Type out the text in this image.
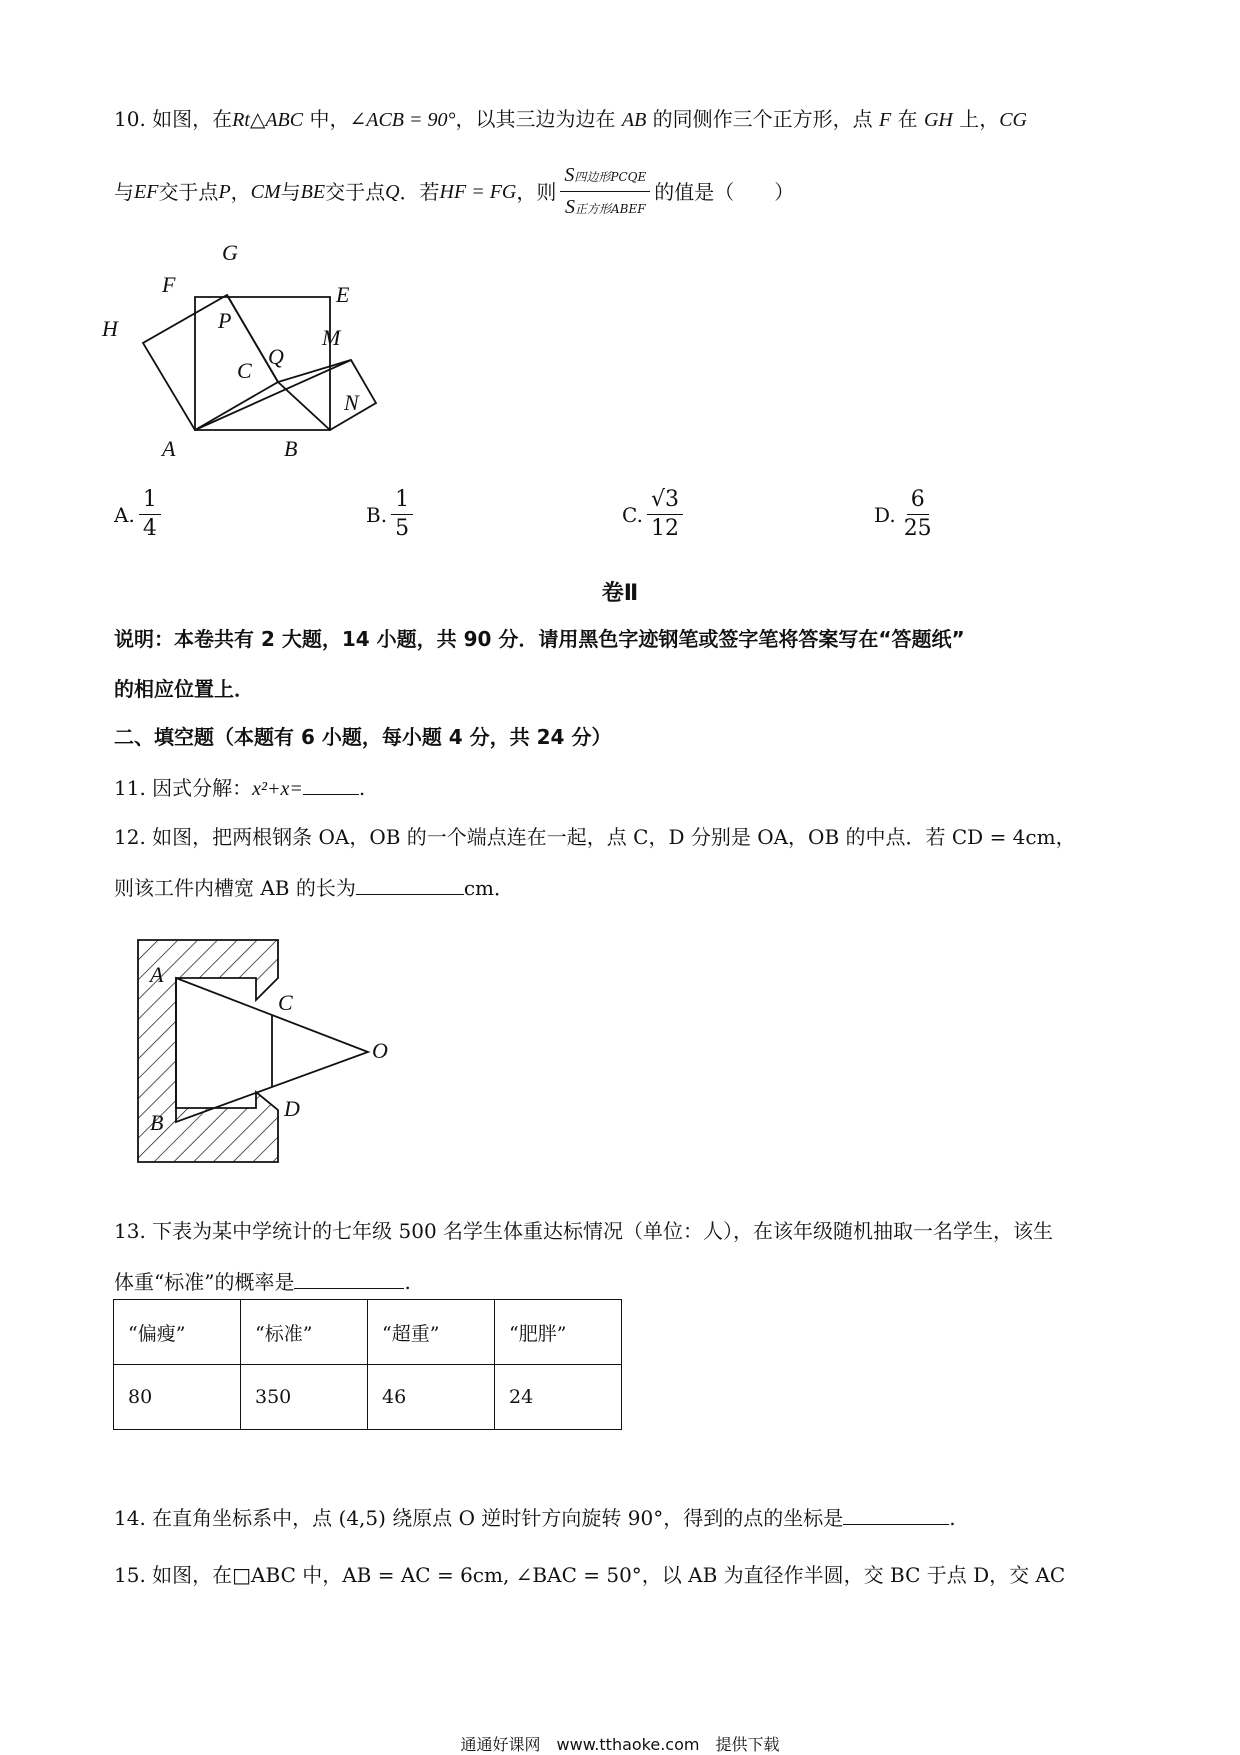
10. 如图，在Rt△ABC 中，∠ACB = 90°，以其三边为边在 AB 的同侧作三个正方形，点 F 在 GH 上，CG
与 EF 交于点 P ， CM 与 BE 交于点 Q ．若 HF = FG ，则 $\frac{\text{S四边形PCQE}}{\text{S正方形ABEF}}$ 的值是（　　）
G
F	E
H	P
Q
M
C
N
A	B
A. $\frac{1}{4}$	B. $\frac{1}{5}$	C. $\frac{√3}{12}$	D. $\frac{6}{25}$
卷Ⅱ
说明：本卷共有 2 大题，14 小题，共 90 分．请用黑色字迹钢笔或签字笔将答案写在“答题纸”
的相应位置上．
二、填空题（本题有 6 小题，每小题 4 分，共 24 分）
11. 因式分解：x²+x=	.
12. 如图，把两根钢条 OA，OB 的一个端点连在一起，点 C，D 分别是 OA，OB 的中点．若 CD = 4cm，
则该工件内槽宽 AB 的长为	cm．
A
B
C
D
O
13. 下表为某中学统计的七年级 500 名学生体重达标情况（单位：人），在该年级随机抽取一名学生，该生
体重“标准”的概率是	.
“偏瘦”	“标准”	“超重”	“肥胖”
80	350	46	24
14. 在直角坐标系中，点 (4,5) 绕原点 O 逆时针方向旋转 90°，得到的点的坐标是	.
15. 如图，在□ABC 中，AB = AC = 6cm, ∠BAC = 50°，以 AB 为直径作半圆，交 BC 于点 D，交 AC
通通好课网　www.tthaoke.com　提供下载
